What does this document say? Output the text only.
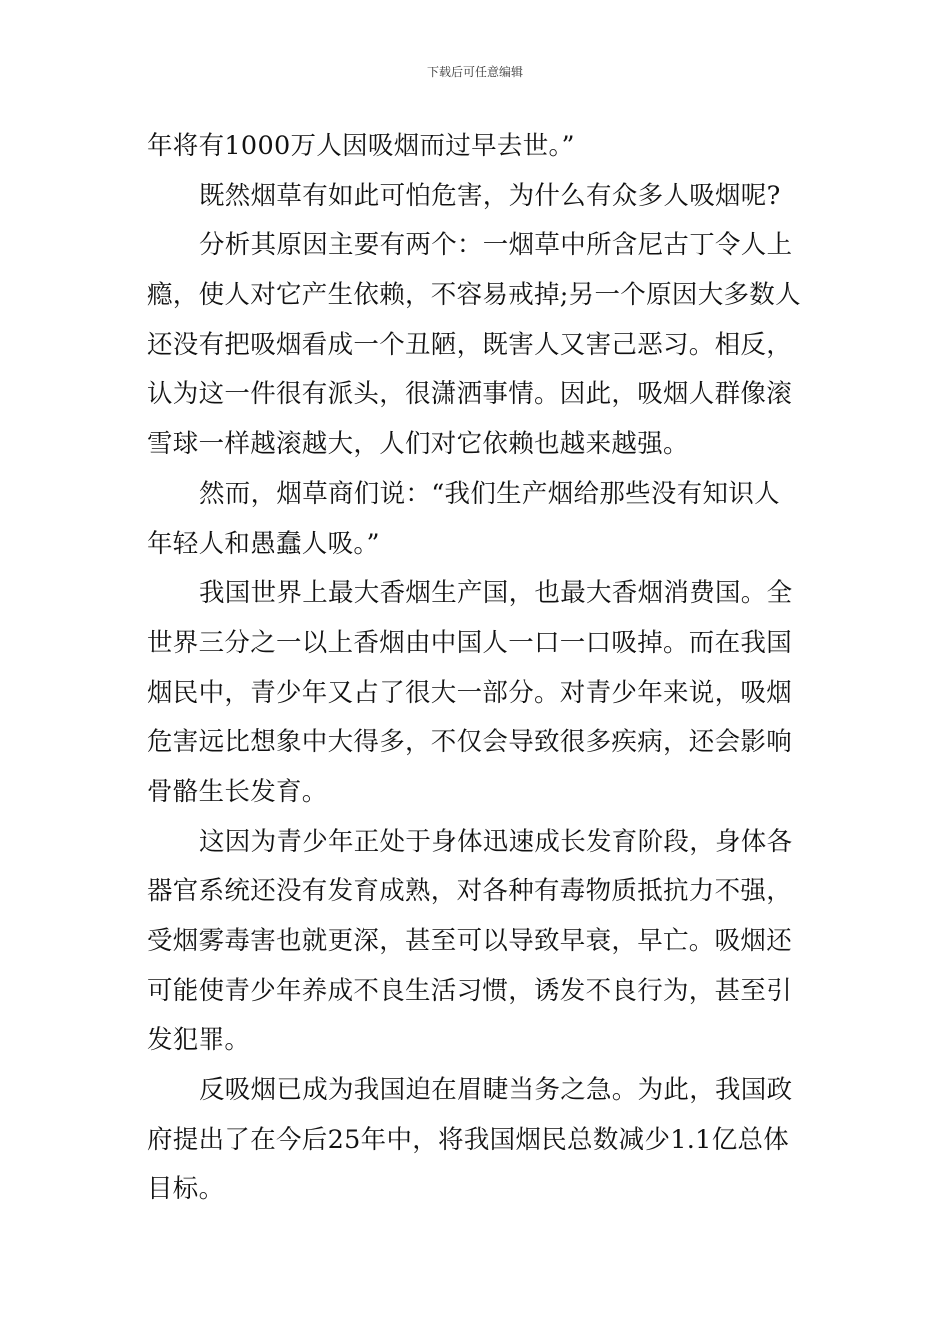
下载后可任意编辑
年将有1000万人因吸烟而过早去世。”
既然烟草有如此可怕危害，为什么有众多人吸烟呢?
分析其原因主要有两个：一烟草中所含尼古丁令人上
瘾，使人对它产生依赖，不容易戒掉;另一个原因大多数人
还没有把吸烟看成一个丑陋，既害人又害己恶习。相反，
认为这一件很有派头，很潇洒事情。因此，吸烟人群像滚
雪球一样越滚越大，人们对它依赖也越来越强。
然而，烟草商们说：“我们生产烟给那些没有知识人
年轻人和愚蠢人吸。”
我国世界上最大香烟生产国，也最大香烟消费国。全
世界三分之一以上香烟由中国人一口一口吸掉。而在我国
烟民中，青少年又占了很大一部分。对青少年来说，吸烟
危害远比想象中大得多，不仅会导致很多疾病，还会影响
骨骼生长发育。
这因为青少年正处于身体迅速成长发育阶段，身体各
器官系统还没有发育成熟，对各种有毒物质抵抗力不强，
受烟雾毒害也就更深，甚至可以导致早衰，早亡。吸烟还
可能使青少年养成不良生活习惯，诱发不良行为，甚至引
发犯罪。
反吸烟已成为我国迫在眉睫当务之急。为此，我国政
府提出了在今后25年中，将我国烟民总数减少1.1亿总体
目标。
